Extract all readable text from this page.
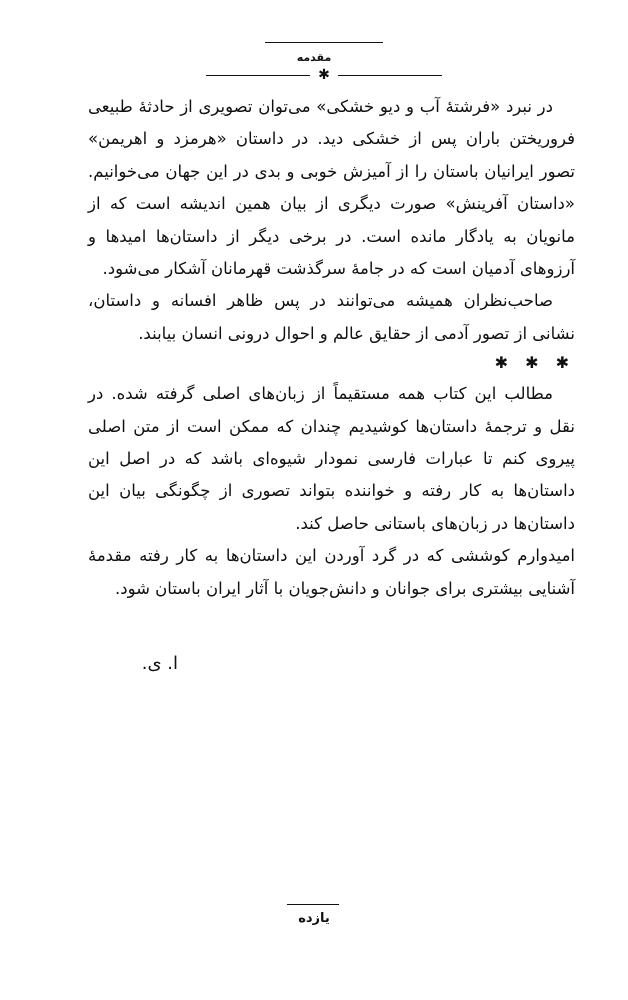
مقدمه
✱

در نبرد «فرشتۀ آب و دیو خشکی» می‌توان تصویری از حادثۀ طبیعی فروریختن باران پس از خشکی دید. در داستان «هرمزد و اهریمن» تصور ایرانیان باستان را از آمیزش خوبی و بدی در این جهان می‌خوانیم. «داستان آفرینش» صورت دیگری از بیان همین اندیشه است که از مانویان به یادگار مانده است. در برخی دیگر از داستان‌ها امیدها و آرزوهای آدمیان است که در جامۀ سرگذشت قهرمانان آشکار می‌شود.

صاحب‌نظران همیشه می‌توانند در پس ظاهر افسانه و داستان، نشانی از تصور آدمی از حقایق عالم و احوال درونی انسان بیابند.

✱ ✱ ✱

مطالب این کتاب همه مستقیماً از زبان‌های اصلی گرفته شده. در نقل و ترجمۀ داستان‌ها کوشیدیم چندان که ممکن است از متن اصلی پیروی کنم تا عبارات فارسی نمودار شیوه‌ای باشد که در اصل این داستان‌ها به کار رفته و خواننده بتواند تصوری از چگونگی بیان این داستان‌ها در زبان‌های باستانی حاصل کند.

امیدوارم کوششی که در گرد آوردن این داستان‌ها به کار رفته مقدمۀ آشنایی بیشتری برای جوانان و دانش‌جویان با آثار ایران باستان شود.

ا. ی.
یازده
